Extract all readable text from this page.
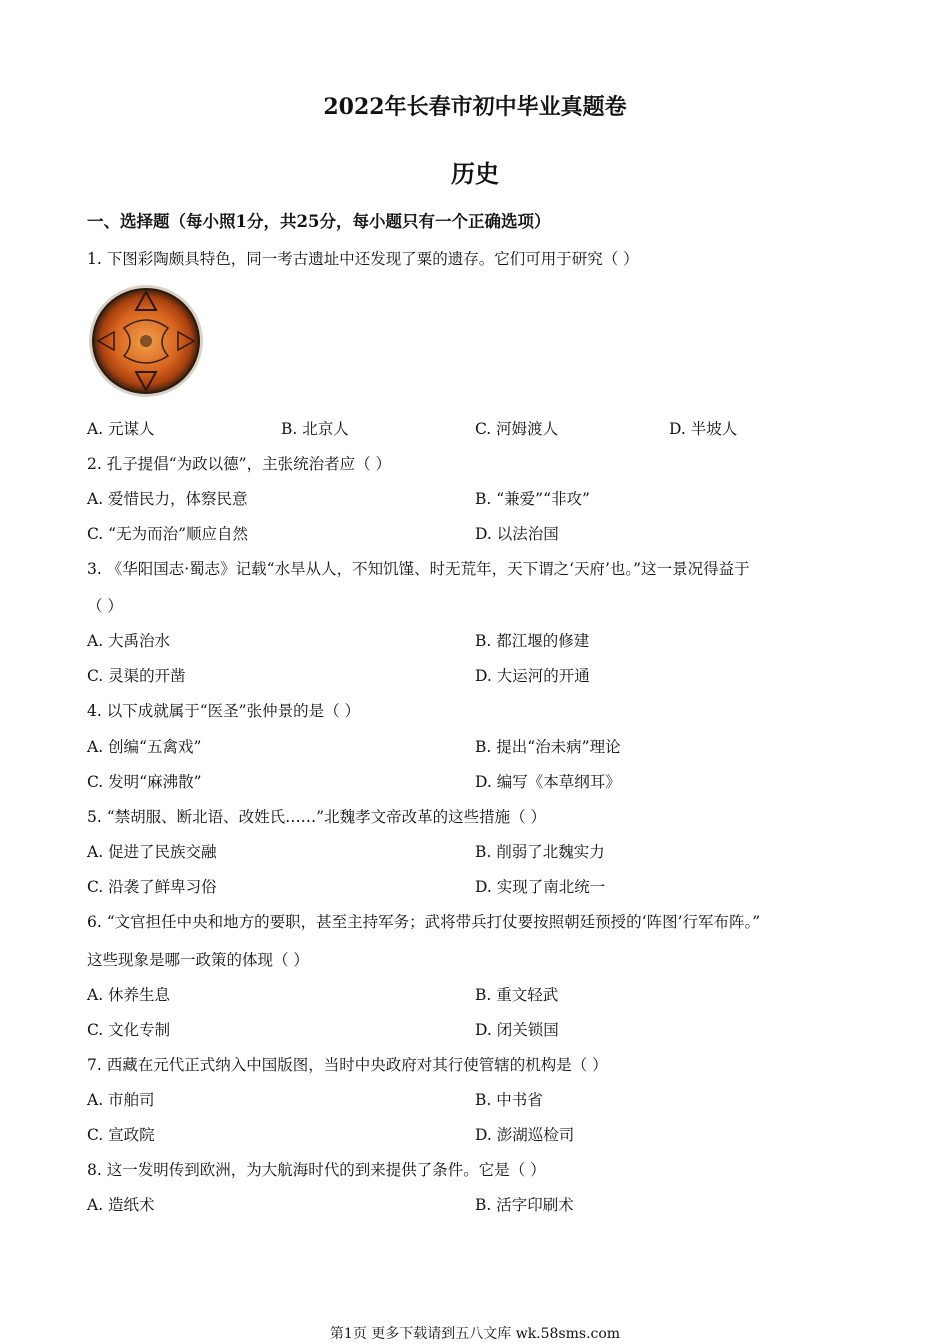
2022年长春市初中毕业真题卷
历史
一、选择题（每小照1分，共25分，每小题只有一个正确选项）
1. 下图彩陶颇具特色，同一考古遗址中还发现了粟的遗存。它们可用于研究（ ）
A. 元谋人	B. 北京人	C. 河姆渡人	D. 半坡人
2. 孔子提倡“为政以德”，主张统治者应（ ）
A. 爱惜民力，体察民意	B. “兼爱”“非攻”
C. “无为而治”顺应自然	D. 以法治国
3. 《华阳国志·蜀志》记载“水旱从人，不知饥馑、时无荒年，天下谓之‘天府’也。”这一景况得益于
（ ）
A. 大禹治水	B. 都江堰的修建
C. 灵渠的开凿	D. 大运河的开通
4. 以下成就属于“医圣”张仲景的是（ ）
A. 创编“五禽戏”	B. 提出“治未病”理论
C. 发明“麻沸散”	D. 编写《本草纲耳》
5. “禁胡服、断北语、改姓氏……”北魏孝文帝改革的这些措施（ ）
A. 促进了民族交融	B. 削弱了北魏实力
C. 沿袭了鲜卑习俗	D. 实现了南北统一
6. “文官担任中央和地方的要职，甚至主持军务；武将带兵打仗要按照朝廷预授的‘阵图’行军布阵。”
这些现象是哪一政策的体现（ ）
A. 休养生息	B. 重文轻武
C. 文化专制	D. 闭关锁国
7. 西藏在元代正式纳入中国版图，当时中央政府对其行使管辖的机构是（ ）
A. 市舶司	B. 中书省
C. 宣政院	D. 澎湖巡检司
8. 这一发明传到欧洲，为大航海时代的到来提供了条件。它是（ ）
A. 造纸术	B. 活字印刷术
第1页 更多下载请到五八文库 wk.58sms.com
